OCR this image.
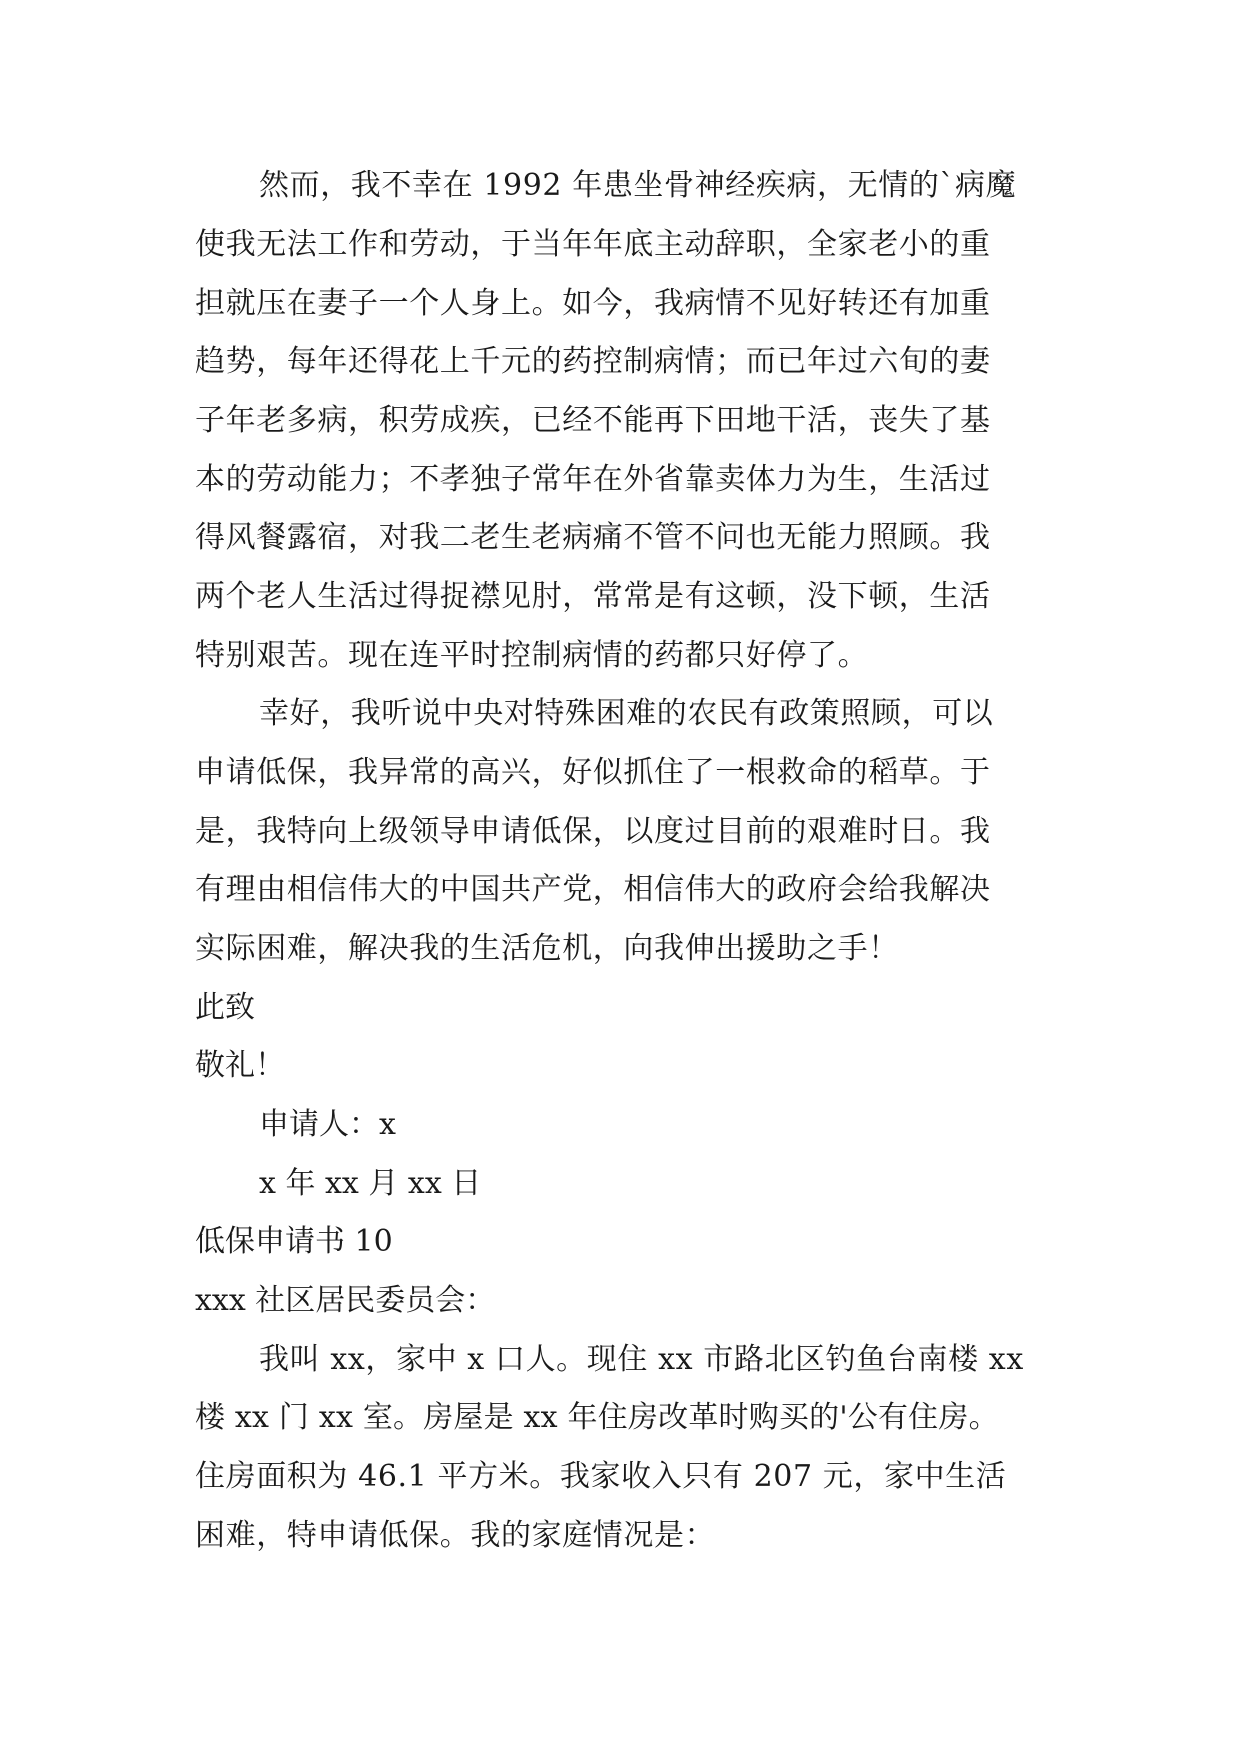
然而，我不幸在 1992 年患坐骨神经疾病，无情的`病魔
使我无法工作和劳动，于当年年底主动辞职，全家老小的重
担就压在妻子一个人身上。如今，我病情不见好转还有加重
趋势，每年还得花上千元的药控制病情；而已年过六旬的妻
子年老多病，积劳成疾，已经不能再下田地干活，丧失了基
本的劳动能力；不孝独子常年在外省靠卖体力为生，生活过
得风餐露宿，对我二老生老病痛不管不问也无能力照顾。我
两个老人生活过得捉襟见肘，常常是有这顿，没下顿，生活
特别艰苦。现在连平时控制病情的药都只好停了。
幸好，我听说中央对特殊困难的农民有政策照顾，可以
申请低保，我异常的高兴，好似抓住了一根救命的稻草。于
是，我特向上级领导申请低保，以度过目前的艰难时日。我
有理由相信伟大的中国共产党，相信伟大的政府会给我解决
实际困难，解决我的生活危机，向我伸出援助之手！
此致
敬礼！
申请人：x
x 年 xx 月 xx 日
低保申请书 10
xxx 社区居民委员会：
我叫 xx，家中 x 口人。现住 xx 市路北区钓鱼台南楼 xx
楼 xx 门 xx 室。房屋是 xx 年住房改革时购买的'公有住房。
住房面积为 46.1 平方米。我家收入只有 207 元，家中生活
困难，特申请低保。我的家庭情况是：
